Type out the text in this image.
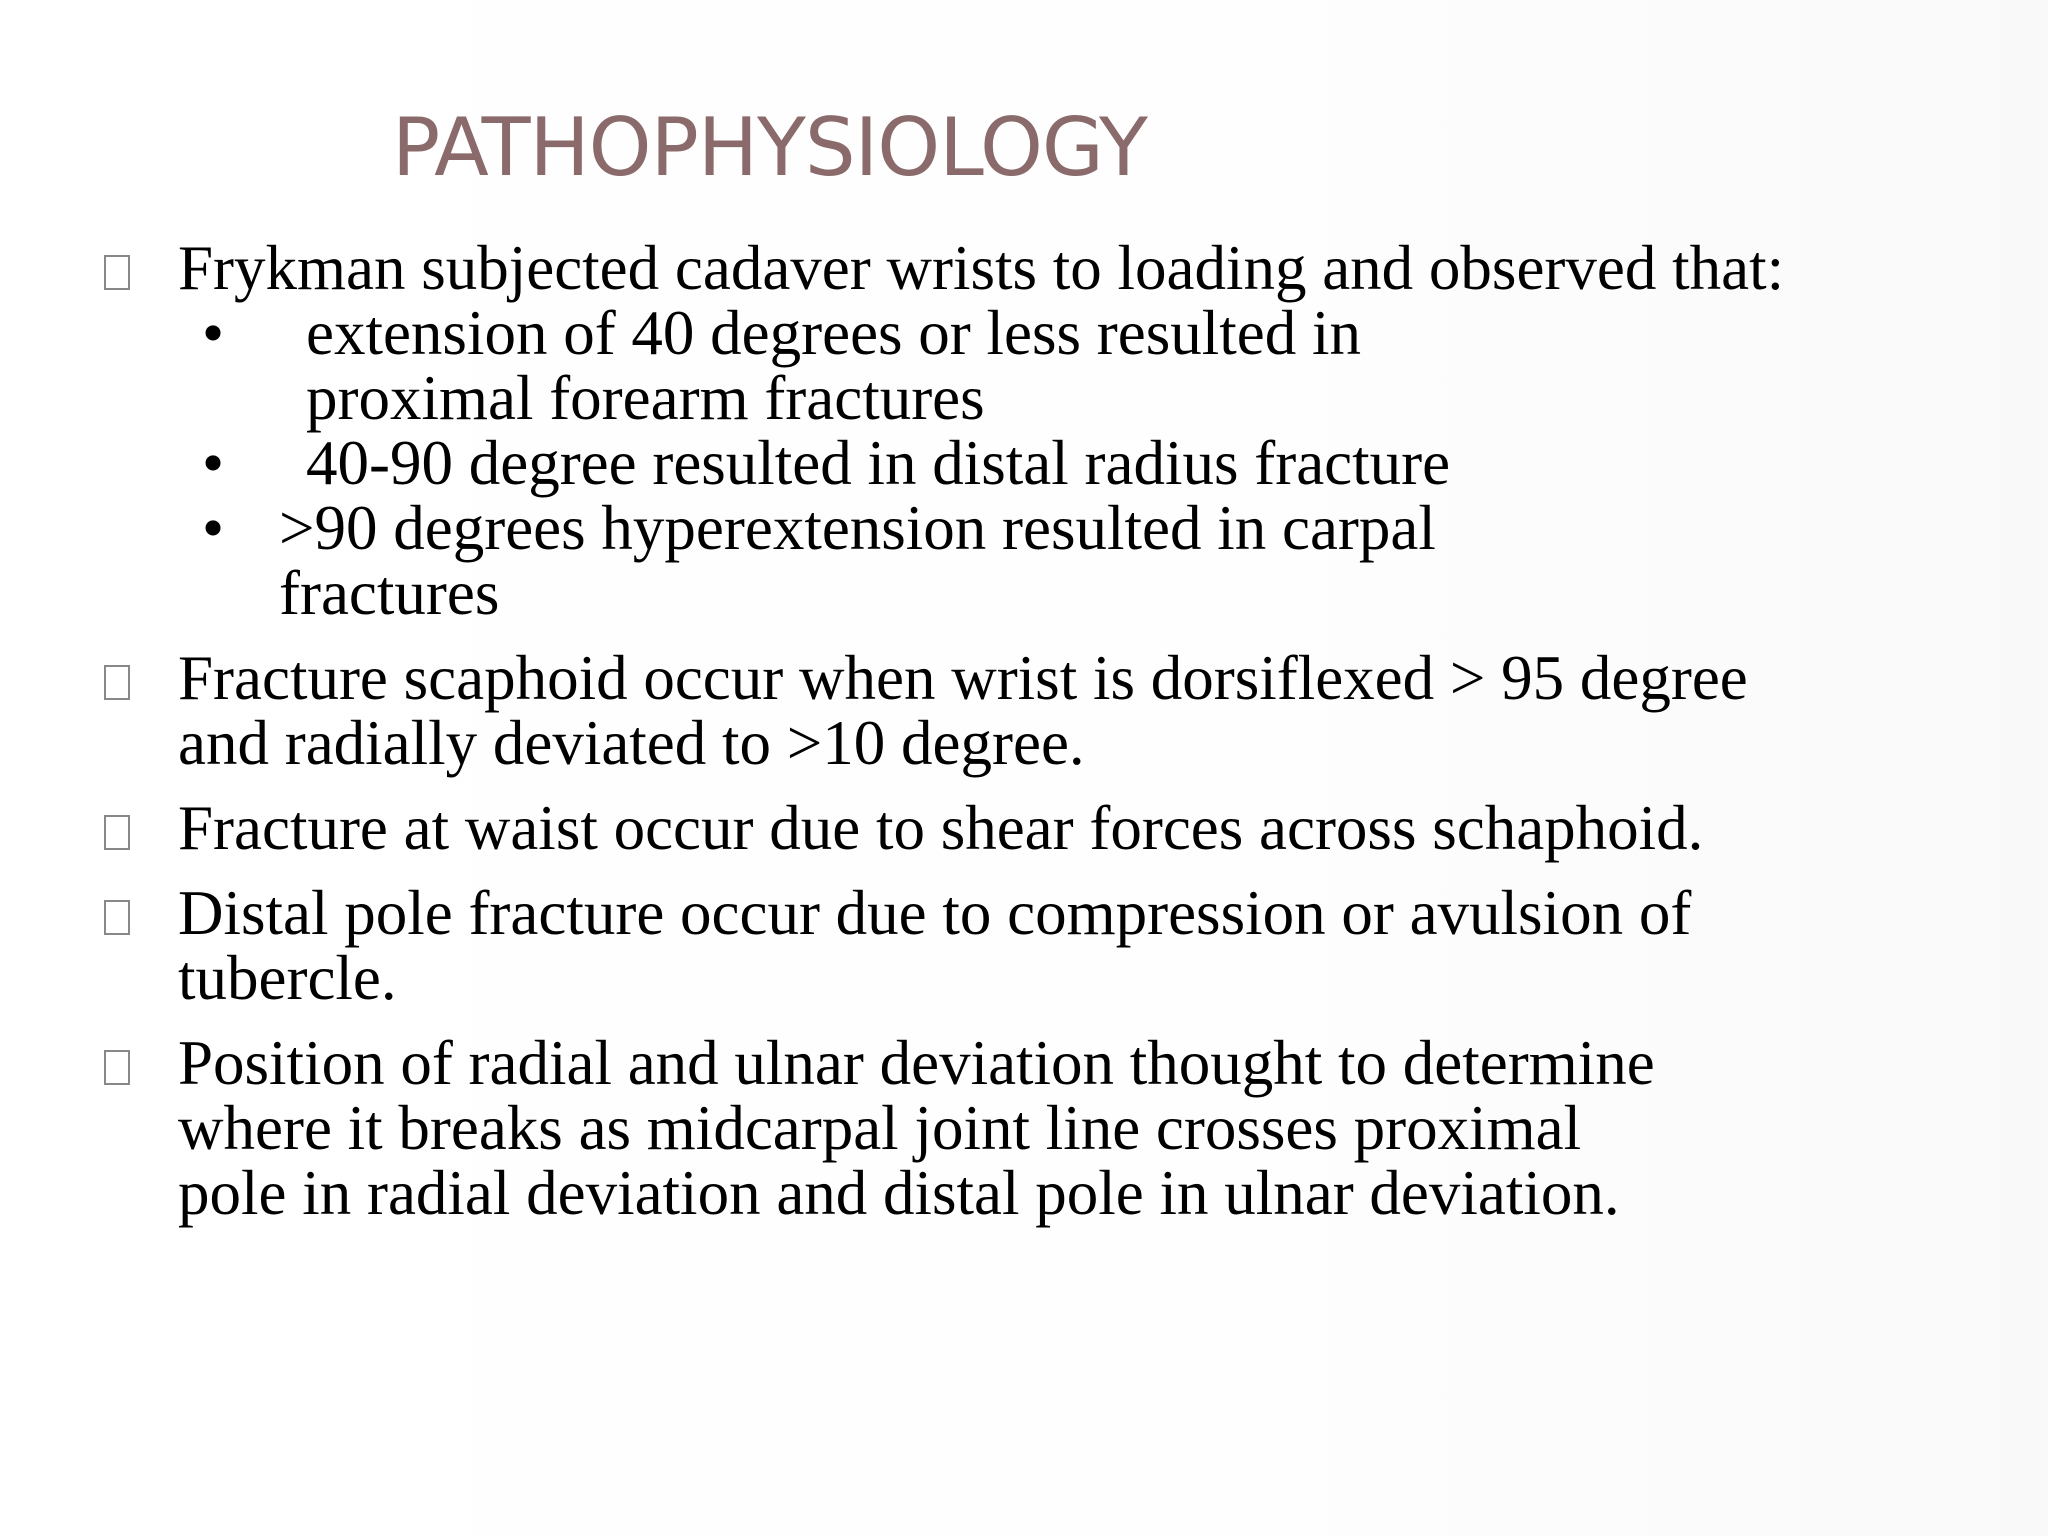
PATHOPHYSIOLOGY
Frykman subjected cadaver wrists to loading and observed that:
• extension of 40 degrees or less resulted in
proximal forearm fractures
• 40-90 degree resulted in distal radius fracture
• >90 degrees hyperextension resulted in carpal
fractures
Fracture scaphoid occur when wrist is dorsiflexed > 95 degree
and radially deviated to >10 degree.
Fracture at waist occur due to shear forces across schaphoid.
Distal pole fracture occur due to compression or avulsion of
tubercle.
Position of radial and ulnar deviation thought to determine
where it breaks as midcarpal joint line crosses proximal
pole in radial deviation and distal pole in ulnar deviation.
